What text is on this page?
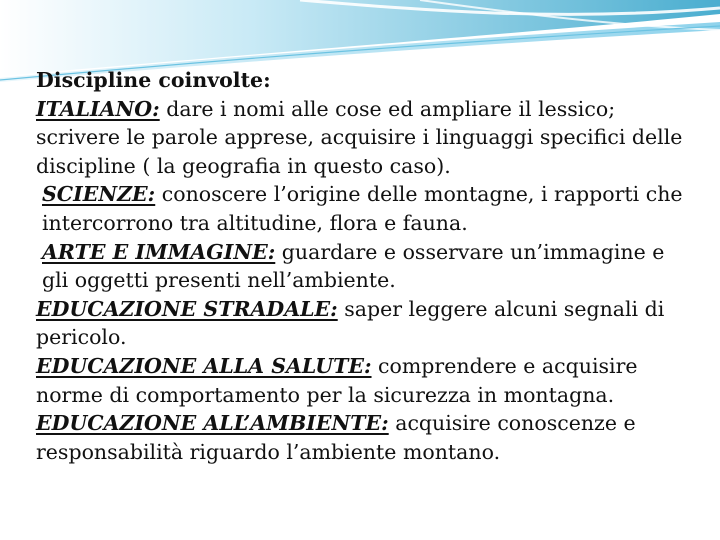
Discipline coinvolte:

ITALIANO: dare i nomi alle cose ed ampliare il lessico; scrivere le parole apprese, acquisire i linguaggi specifici delle discipline ( la geografia in questo caso).

SCIENZE: conoscere l’origine delle montagne, i rapporti che intercorrono tra altitudine, flora e fauna.

ARTE E IMMAGINE: guardare e osservare un’immagine e gli oggetti presenti nell’ambiente.

EDUCAZIONE STRADALE: saper leggere alcuni segnali di pericolo.

EDUCAZIONE ALLA SALUTE: comprendere e acquisire norme di comportamento per la sicurezza in montagna.

EDUCAZIONE ALL’AMBIENTE: acquisire conoscenze e responsabilità riguardo l’ambiente montano.
